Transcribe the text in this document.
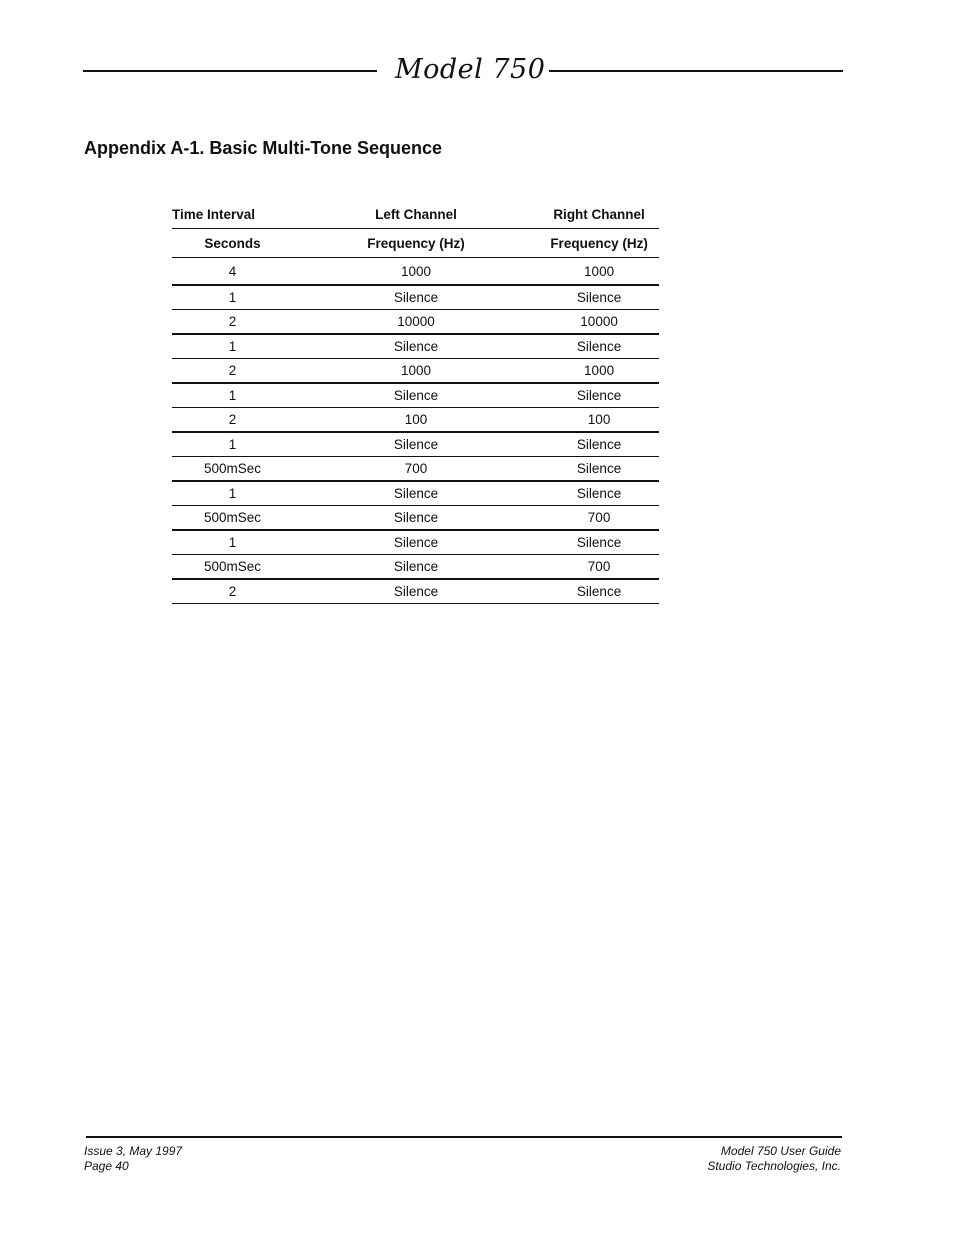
Model 750
Appendix A-1. Basic Multi-Tone Sequence
Time Interval	Left Channel	Right Channel
Seconds	Frequency (Hz)	Frequency (Hz)
4	1000	1000
1	Silence	Silence
2	10000	10000
1	Silence	Silence
2	1000	1000
1	Silence	Silence
2	100	100
1	Silence	Silence
500mSec	700	Silence
1	Silence	Silence
500mSec	Silence	700
1	Silence	Silence
500mSec	Silence	700
2	Silence	Silence
Issue 3, May 1997
Page 40
Model 750 User Guide
Studio Technologies, Inc.
